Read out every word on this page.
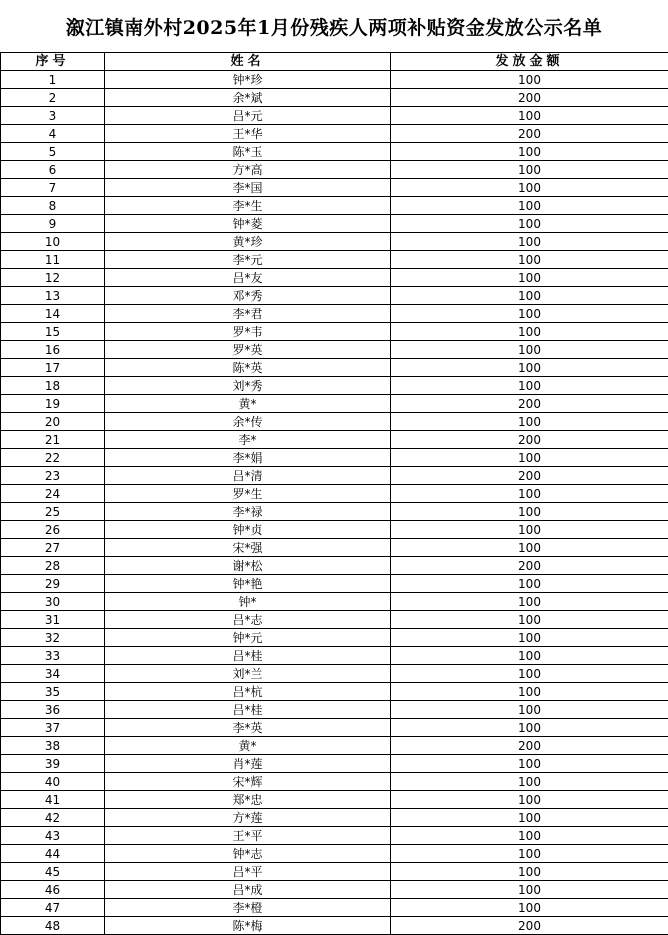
溆江镇南外村2025年1月份残疾人两项补贴资金发放公示名单
序号	姓名	发放金额
1	钟*珍	100
2	余*斌	200
3	吕*元	100
4	王*华	200
5	陈*玉	100
6	方*高	100
7	李*国	100
8	李*生	100
9	钟*菱	100
10	黄*珍	100
11	李*元	100
12	吕*友	100
13	邓*秀	100
14	李*君	100
15	罗*韦	100
16	罗*英	100
17	陈*英	100
18	刘*秀	100
19	黄*	200
20	余*传	100
21	李*	200
22	李*娟	100
23	吕*清	200
24	罗*生	100
25	李*禄	100
26	钟*贞	100
27	宋*强	100
28	谢*松	200
29	钟*艳	100
30	钟*	100
31	吕*志	100
32	钟*元	100
33	吕*桂	100
34	刘*兰	100
35	吕*杭	100
36	吕*桂	100
37	李*英	100
38	黄*	200
39	肖*莲	100
40	宋*辉	100
41	郑*忠	100
42	方*莲	100
43	王*平	100
44	钟*志	100
45	吕*平	100
46	吕*成	100
47	李*橙	100
48	陈*梅	200
